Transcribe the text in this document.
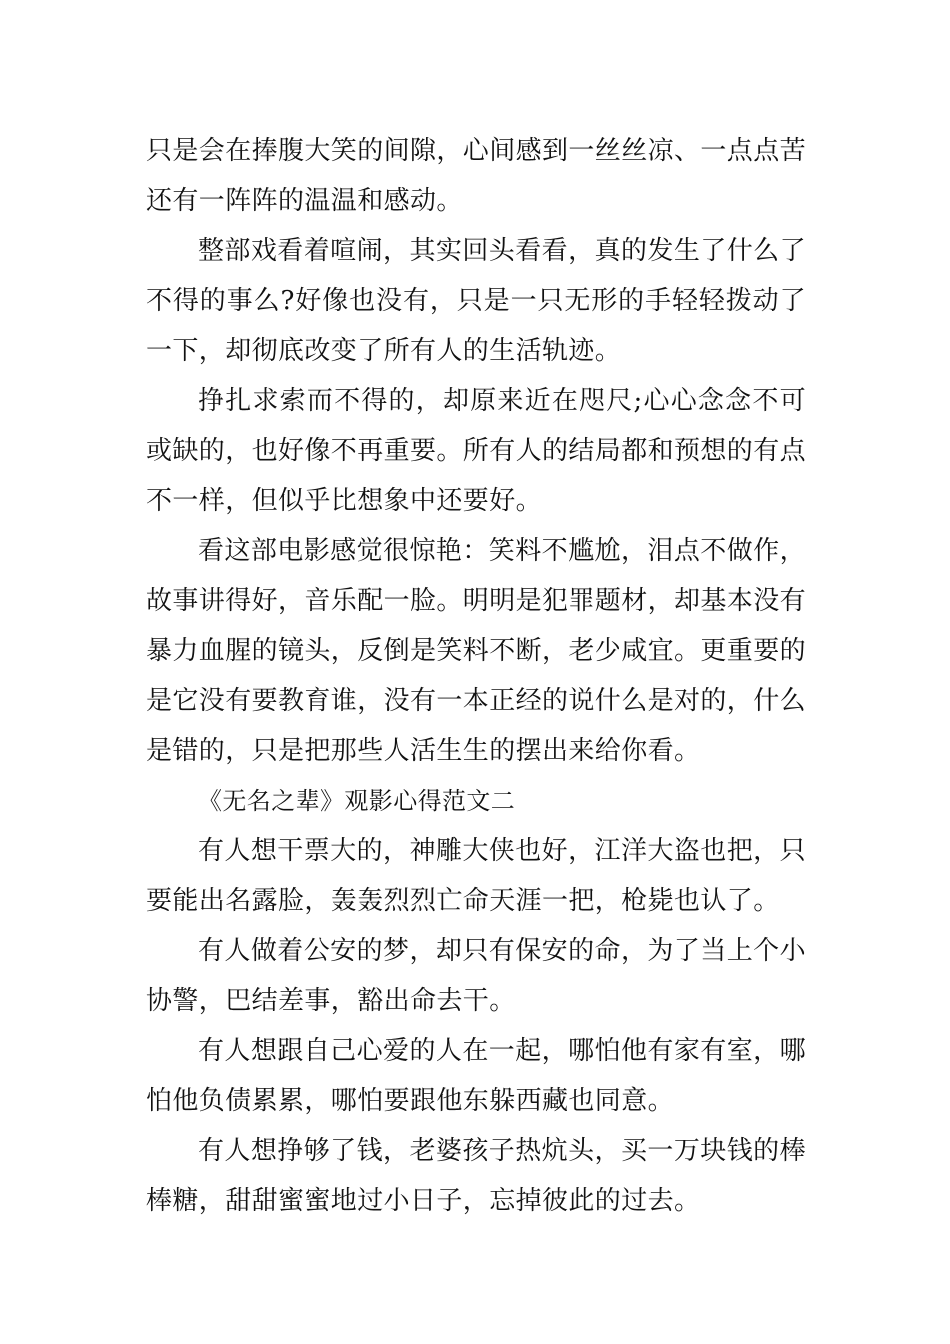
只是会在捧腹大笑的间隙，心间感到一丝丝凉、一点点苦还有一阵阵的温温和感动。

整部戏看着喧闹，其实回头看看，真的发生了什么了不得的事么?好像也没有，只是一只无形的手轻轻拨动了一下，却彻底改变了所有人的生活轨迹。

挣扎求索而不得的，却原来近在咫尺;心心念念不可或缺的，也好像不再重要。所有人的结局都和预想的有点不一样，但似乎比想象中还要好。

看这部电影感觉很惊艳：笑料不尴尬，泪点不做作，故事讲得好，音乐配一脸。明明是犯罪题材，却基本没有暴力血腥的镜头，反倒是笑料不断，老少咸宜。更重要的是它没有要教育谁，没有一本正经的说什么是对的，什么是错的，只是把那些人活生生的摆出来给你看。

《无名之辈》观影心得范文二

有人想干票大的，神雕大侠也好，江洋大盗也把，只要能出名露脸，轰轰烈烈亡命天涯一把，枪毙也认了。

有人做着公安的梦，却只有保安的命，为了当上个小协警，巴结差事，豁出命去干。

有人想跟自己心爱的人在一起，哪怕他有家有室，哪怕他负债累累，哪怕要跟他东躲西藏也同意。

有人想挣够了钱，老婆孩子热炕头，买一万块钱的棒棒糖，甜甜蜜蜜地过小日子，忘掉彼此的过去。
